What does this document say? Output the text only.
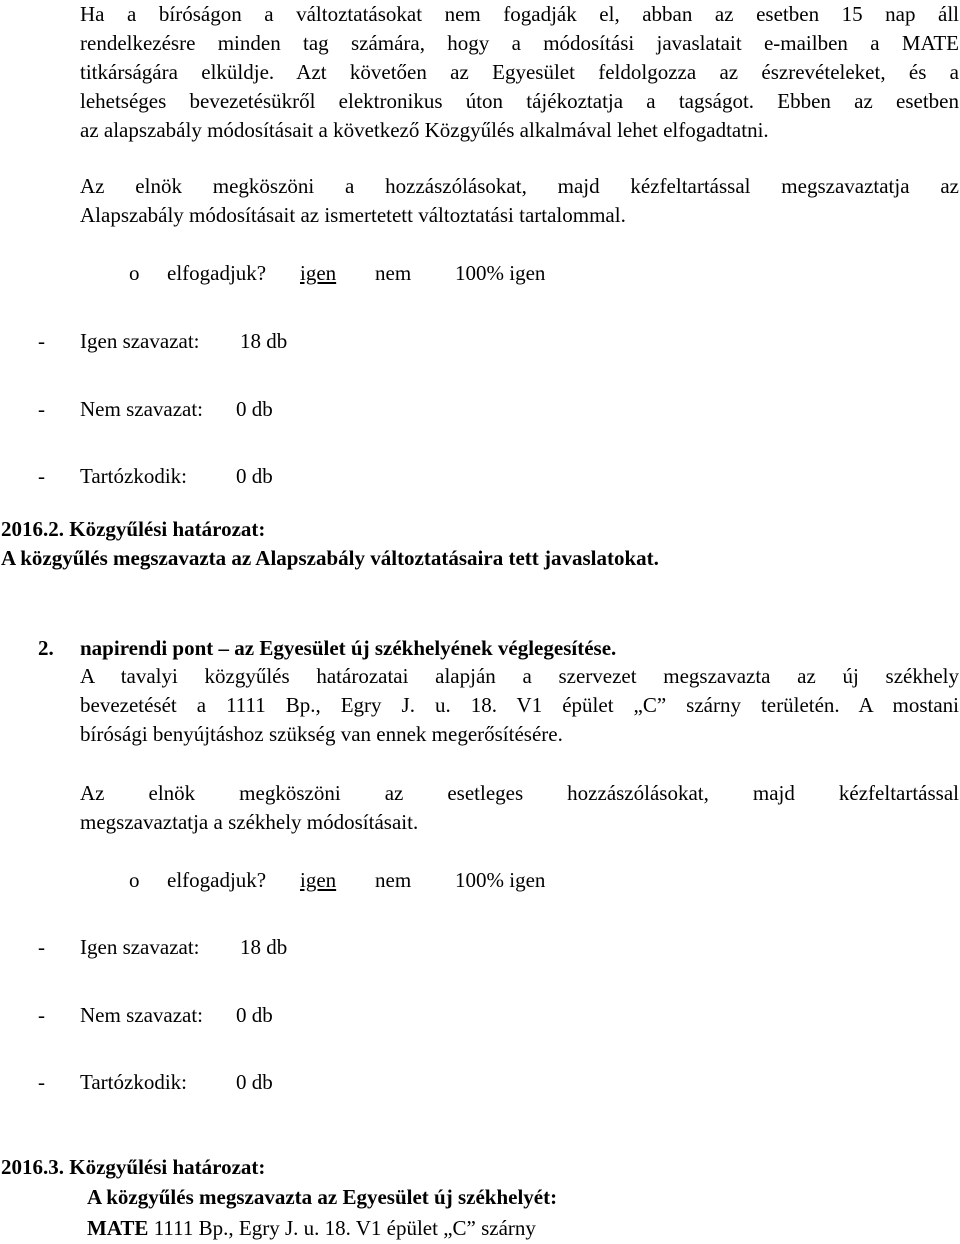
Ha a bíróságon a változtatásokat nem fogadják el, abban az esetben 15 nap áll
rendelkezésre minden tag számára, hogy a módosítási javaslatait e-mailben a MATE
titkárságára elküldje. Azt követően az Egyesület feldolgozza az észrevételeket, és a
lehetséges bevezetésükről elektronikus úton tájékoztatja a tagságot. Ebben az esetben
az alapszabály módosításait a következő Közgyűlés alkalmával lehet elfogadtatni.

Az elnök megköszöni a hozzászólásokat, majd kézfeltartással megszavaztatja az
Alapszabály módosításait az ismertetett változtatási tartalommal.

o elfogadjuk? igen nem 100% igen

- Igen szavazat: 18 db

- Nem szavazat: 0 db

- Tartózkodik: 0 db

2016.2. Közgyűlési határozat:

A közgyűlés megszavazta az Alapszabály változtatásaira tett javaslatokat.

2. napirendi pont – az Egyesület új székhelyének véglegesítése.

A tavalyi közgyűlés határozatai alapján a szervezet megszavazta az új székhely
bevezetését a 1111 Bp., Egry J. u. 18. V1 épület „C” szárny területén. A mostani
bírósági benyújtáshoz szükség van ennek megerősítésére.

Az elnök megköszöni az esetleges hozzászólásokat, majd kézfeltartással
megszavaztatja a székhely módosításait.

o elfogadjuk? igen nem 100% igen

- Igen szavazat: 18 db

- Nem szavazat: 0 db

- Tartózkodik: 0 db

2016.3. Közgyűlési határozat:

A közgyűlés megszavazta az Egyesület új székhelyét:

MATE 1111 Bp., Egry J. u. 18. V1 épület „C” szárny
